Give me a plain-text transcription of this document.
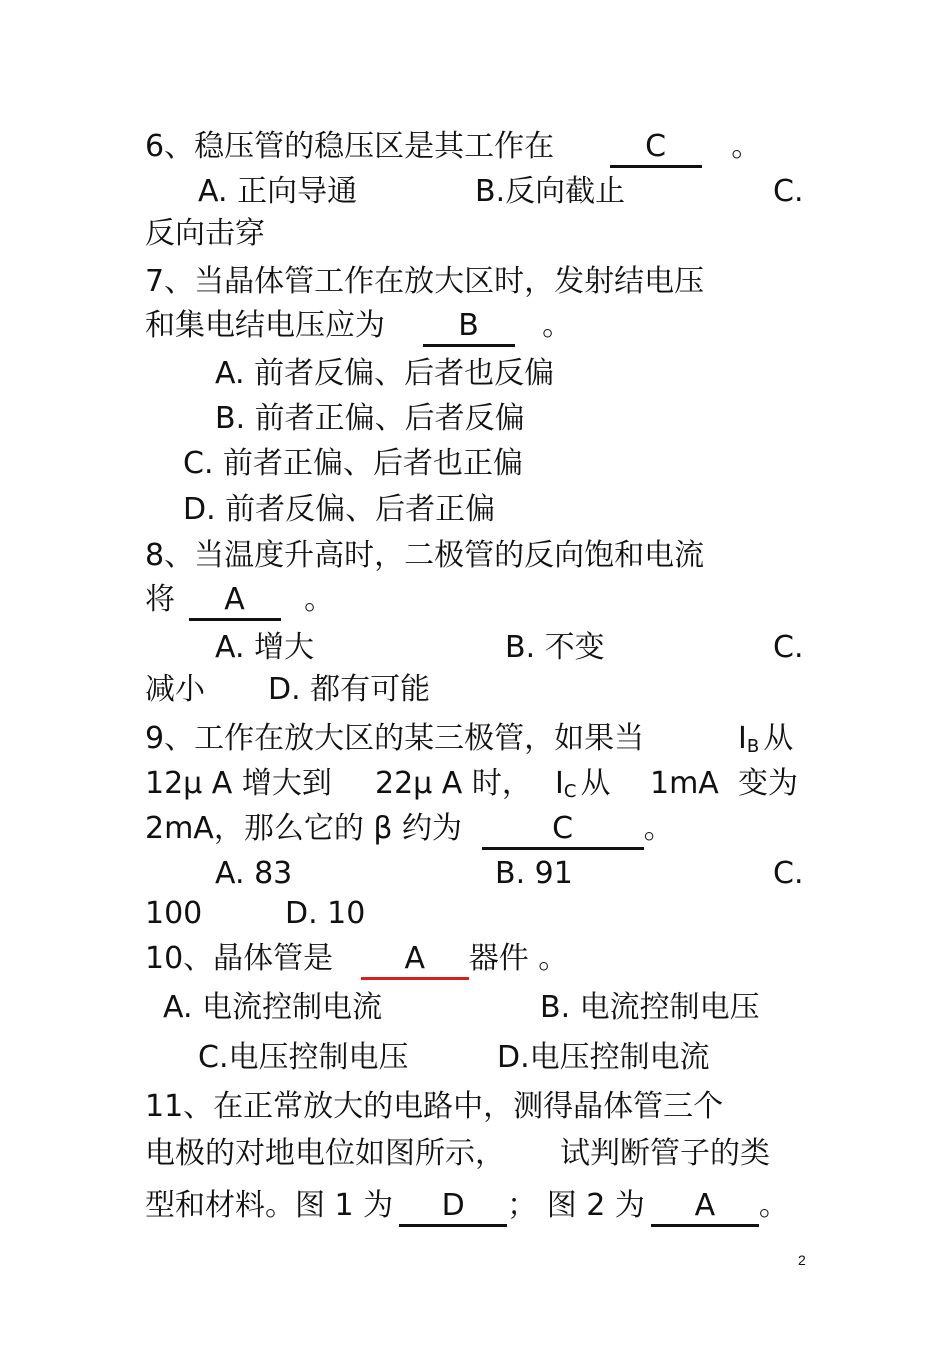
6、稳压管的稳压区是其工作在	C 。
A. 正向导通	B.反向截止	C.
反向击穿
7、当晶体管工作在放大区时，发射结电压
和集电结电压应为 B 。
A. 前者反偏、后者也反偏
B. 前者正偏、后者反偏
C. 前者正偏、后者也正偏
D. 前者反偏、后者正偏
8、当温度升高时，二极管的反向饱和电流
将 A 。
A. 增大	B. 不变	C.
减小 D. 都有可能
9、工作在放大区的某三极管，如果当	$I_B$ 从
12μ A 增大到 22μ A 时， $I_C$ 从 1mA 变为
2mA，那么它的 β 约为	C 。
A. 83	B. 91	C.
100	D. 10
10、晶体管是 A 器件 。
A. 电流控制电流	B. 电流控制电压
C.电压控制电压	D.电压控制电流
11、在正常放大的电路中，测得晶体管三个
电极的对地电位如图所示， 试判断管子的类
型和材料。图 1 为 D ； 图 2 为 A 。
2
